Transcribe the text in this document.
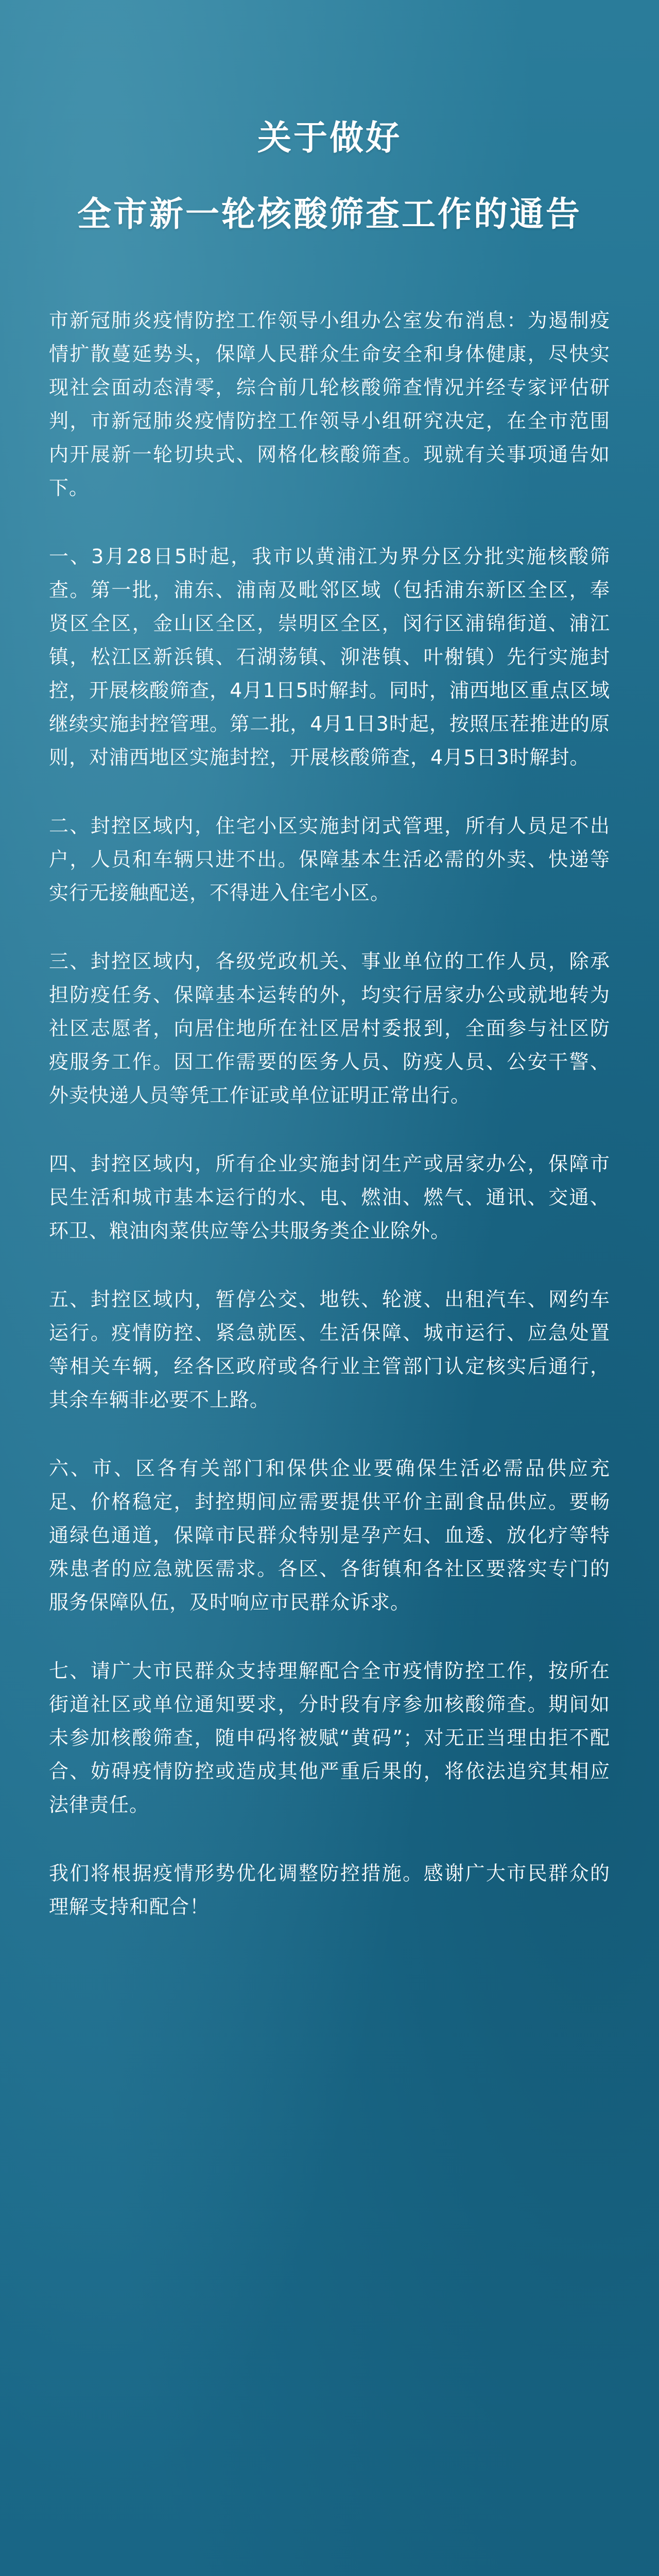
关于做好
全市新一轮核酸筛查工作的通告

市新冠肺炎疫情防控工作领导小组办公室发布消息：为遏制疫情扩散蔓延势头，保障人民群众生命安全和身体健康，尽快实现社会面动态清零，综合前几轮核酸筛查情况并经专家评估研判，市新冠肺炎疫情防控工作领导小组研究决定，在全市范围内开展新一轮切块式、网格化核酸筛查。现就有关事项通告如下。

一、3月28日5时起，我市以黄浦江为界分区分批实施核酸筛查。第一批，浦东、浦南及毗邻区域（包括浦东新区全区，奉贤区全区，金山区全区，崇明区全区，闵行区浦锦街道、浦江镇，松江区新浜镇、石湖荡镇、泖港镇、叶榭镇）先行实施封控，开展核酸筛查，4月1日5时解封。同时，浦西地区重点区域继续实施封控管理。第二批，4月1日3时起，按照压茬推进的原则，对浦西地区实施封控，开展核酸筛查，4月5日3时解封。

二、封控区域内，住宅小区实施封闭式管理，所有人员足不出户，人员和车辆只进不出。保障基本生活必需的外卖、快递等实行无接触配送，不得进入住宅小区。

三、封控区域内，各级党政机关、事业单位的工作人员，除承担防疫任务、保障基本运转的外，均实行居家办公或就地转为社区志愿者，向居住地所在社区居村委报到，全面参与社区防疫服务工作。因工作需要的医务人员、防疫人员、公安干警、外卖快递人员等凭工作证或单位证明正常出行。

四、封控区域内，所有企业实施封闭生产或居家办公，保障市民生活和城市基本运行的水、电、燃油、燃气、通讯、交通、环卫、粮油肉菜供应等公共服务类企业除外。

五、封控区域内，暂停公交、地铁、轮渡、出租汽车、网约车运行。疫情防控、紧急就医、生活保障、城市运行、应急处置等相关车辆，经各区政府或各行业主管部门认定核实后通行，其余车辆非必要不上路。

六、市、区各有关部门和保供企业要确保生活必需品供应充足、价格稳定，封控期间应需要提供平价主副食品供应。要畅通绿色通道，保障市民群众特别是孕产妇、血透、放化疗等特殊患者的应急就医需求。各区、各街镇和各社区要落实专门的服务保障队伍，及时响应市民群众诉求。

七、请广大市民群众支持理解配合全市疫情防控工作，按所在街道社区或单位通知要求，分时段有序参加核酸筛查。期间如未参加核酸筛查，随申码将被赋“黄码”；对无正当理由拒不配合、妨碍疫情防控或造成其他严重后果的，将依法追究其相应法律责任。

我们将根据疫情形势优化调整防控措施。感谢广大市民群众的理解支持和配合！
